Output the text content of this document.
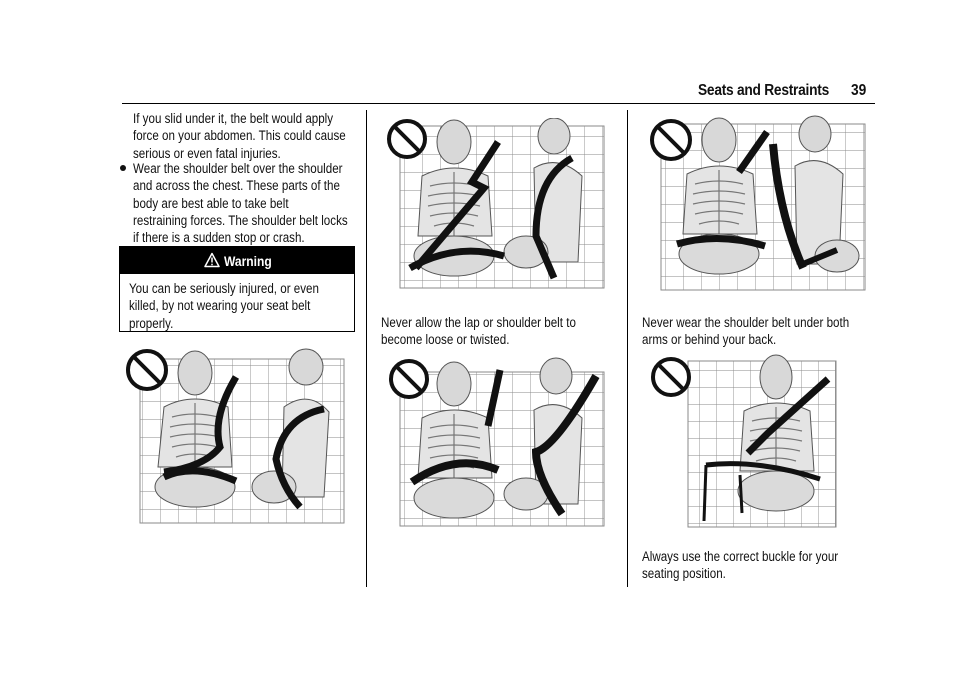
Seats and Restraints 39
If you slid under it, the belt would apply
force on your abdomen. This could cause
serious or even fatal injuries.
Wear the shoulder belt over the shoulder
and across the chest. These parts of the
body are best able to take belt
restraining forces. The shoulder belt locks
if there is a sudden stop or crash.
Warning
You can be seriously injured, or even
killed, by not wearing your seat belt
properly.	Never allow the lap or shoulder belt to
become loose or twisted.
Never wear the shoulder belt under both
arms or behind your back.
Always use the correct buckle for your
seating position.
